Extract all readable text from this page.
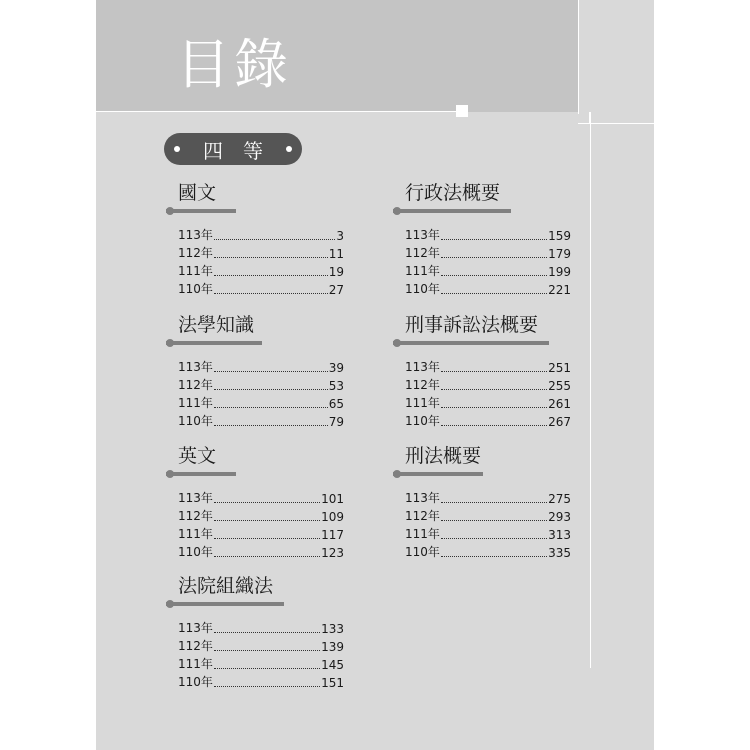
目錄
四等
國文
113年	3
112年	11
111年	19
110年	27
法學知識
113年	39
112年	53
111年	65
110年	79
英文
113年	101
112年	109
111年	117
110年	123
法院組織法
113年	133
112年	139
111年	145
110年	151
行政法概要
113年	159
112年	179
111年	199
110年	221
刑事訴訟法概要
113年	251
112年	255
111年	261
110年	267
刑法概要
113年	275
112年	293
111年	313
110年	335
